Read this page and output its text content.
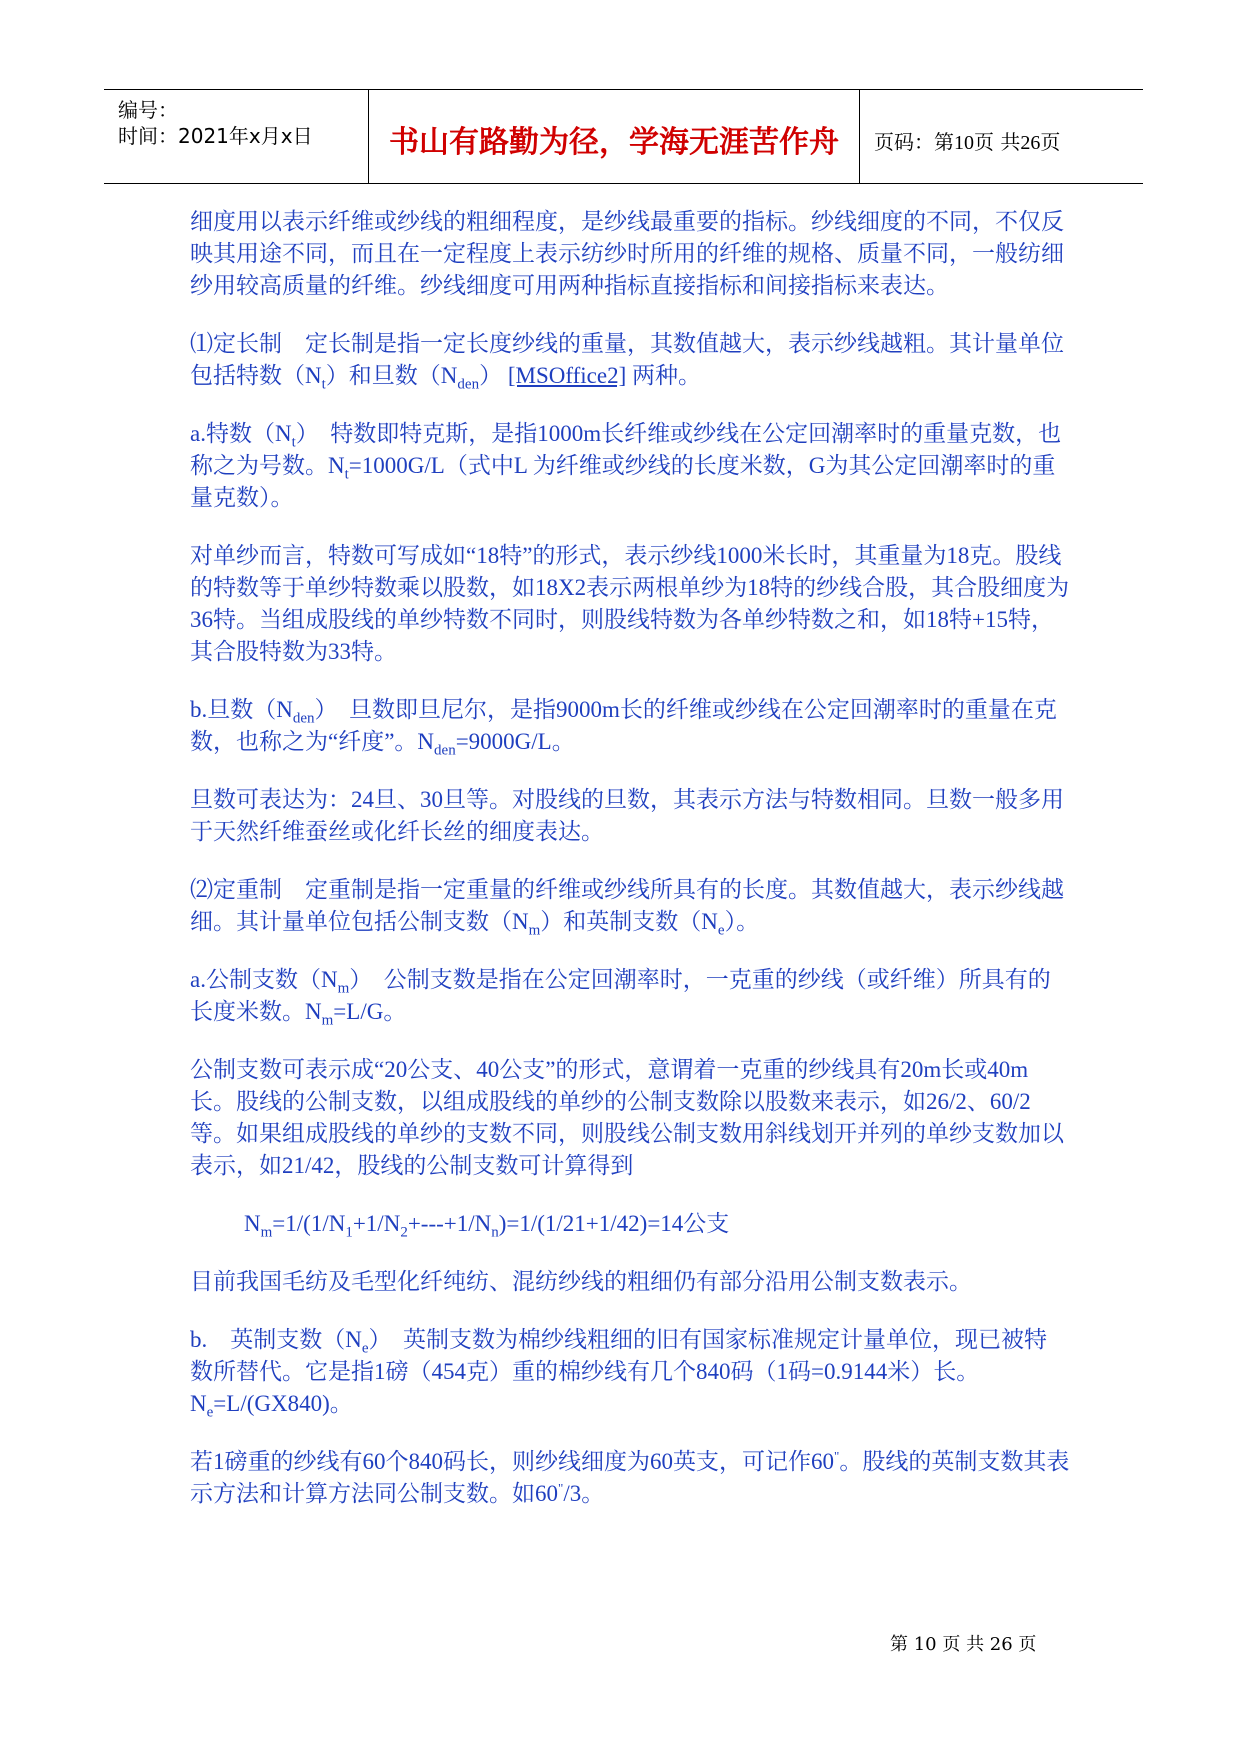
编号：
时间：2021年x月x日	书山有路勤为径，学海无涯苦作舟	页码：第10页 共26页

细度用以表示纤维或纱线的粗细程度，是纱线最重要的指标。纱线细度的不同，不仅反映其用途不同，而且在一定程度上表示纺纱时所用的纤维的规格、质量不同，一般纺细纱用较高质量的纤维。纱线细度可用两种指标直接指标和间接指标来表达。

⑴定长制　定长制是指一定长度纱线的重量，其数值越大，表示纱线越粗。其计量单位包括特数$(N_t)$和旦数$(N_{den})$ [MSOffice2] 两种。

a.特数$(N_t)$　特数即特克斯，是指1000m长纤维或纱线在公定回潮率时的重量克数，也称之为号数。$N_t=1000G/L$（式中L 为纤维或纱线的长度米数，G为其公定回潮率时的重量克数）。

对单纱而言，特数可写成如“18特”的形式，表示纱线1000米长时，其重量为18克。股线的特数等于单纱特数乘以股数，如18X2表示两根单纱为18特的纱线合股，其合股细度为36特。当组成股线的单纱特数不同时，则股线特数为各单纱特数之和，如18特+15特，其合股特数为33特。

b.旦数$(N_{den})$　旦数即旦尼尔，是指9000m长的纤维或纱线在公定回潮率时的重量在克数，也称之为“纤度”。$N_{den}=9000G/L$。

旦数可表达为：24旦、30旦等。对股线的旦数，其表示方法与特数相同。旦数一般多用于天然纤维蚕丝或化纤长丝的细度表达。

⑵定重制　定重制是指一定重量的纤维或纱线所具有的长度。其数值越大，表示纱线越细。其计量单位包括公制支数$(N_m)$和英制支数$(N_e)$。

a.公制支数$(N_m)$　公制支数是指在公定回潮率时，一克重的纱线（或纤维）所具有的长度米数。$N_m=L/G$。

公制支数可表示成“20公支、40公支”的形式，意谓着一克重的纱线具有20m长或40m长。股线的公制支数，以组成股线的单纱的公制支数除以股数来表示，如26/2、60/2等。如果组成股线的单纱的支数不同，则股线公制支数用斜线划开并列的单纱支数加以表示，如21/42，股线的公制支数可计算得到

$N_m=1/(1/N_1+1/N_2+---+1/N_n)=1/(1/21+1/42)=14$公支

目前我国毛纺及毛型化纤纯纺、混纺纱线的粗细仍有部分沿用公制支数表示。

b.　英制支数$(N_e)$　英制支数为棉纱线粗细的旧有国家标准规定计量单位，现已被特数所替代。它是指1磅（454克）重的棉纱线有几个840码（1码=0.9144米）长。$N_e=L/(GX840)$。

若1磅重的纱线有60个840码长，则纱线细度为60英支，可记作60"。股线的英制支数其表示方法和计算方法同公制支数。如60"/3。

第 10 页 共 26 页
